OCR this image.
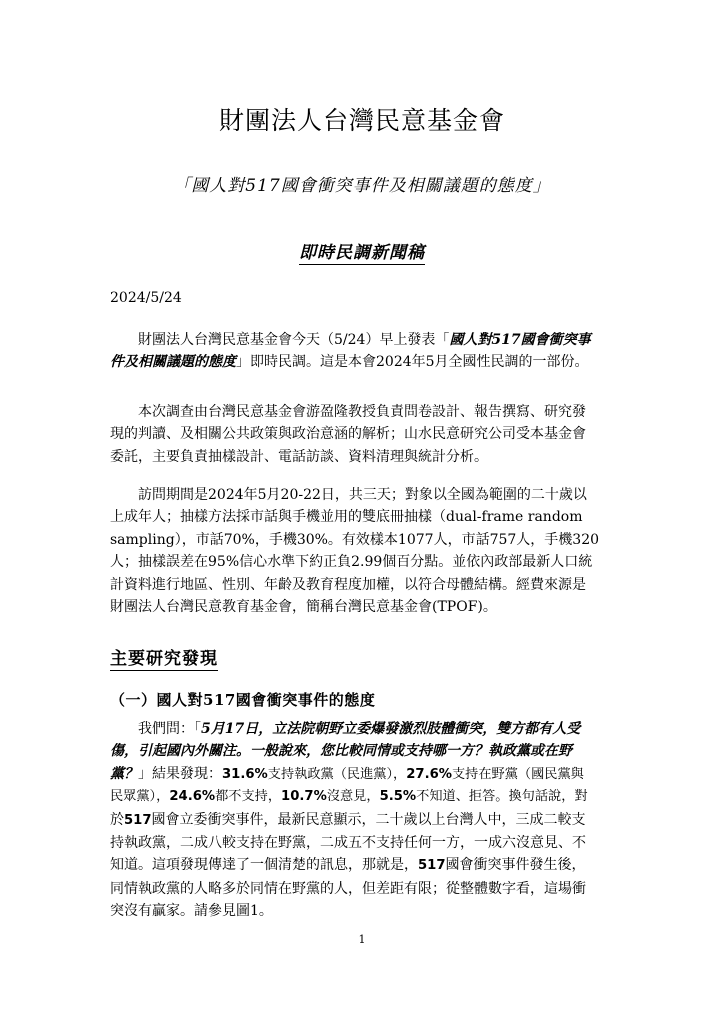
財團法人台灣民意基金會
「國人對517國會衝突事件及相關議題的態度」
即時民調新聞稿
2024/5/24
財團法人台灣民意基金會今天（5/24）早上發表「國人對517國會衝突事
件及相關議題的態度」即時民調。這是本會2024年5月全國性民調的一部份。
本次調查由台灣民意基金會游盈隆教授負責問卷設計、報告撰寫、研究發
現的判讀、及相關公共政策與政治意涵的解析；山水民意研究公司受本基金會
委託，主要負責抽樣設計、電話訪談、資料清理與統計分析。
訪問期間是2024年5月20-22日，共三天；對象以全國為範圍的二十歲以
上成年人；抽樣方法採市話與手機並用的雙底冊抽樣（dual-frame random
sampling），市話70%，手機30%。有效樣本1077人，市話757人，手機320
人；抽樣誤差在95%信心水準下約正負2.99個百分點。並依內政部最新人口統
計資料進行地區、性別、年齡及教育程度加權，以符合母體結構。經費來源是
財團法人台灣民意教育基金會，簡稱台灣民意基金會(TPOF)。
主要研究發現
（一）國人對517國會衝突事件的態度
我們問：「5月17日，立法院朝野立委爆發激烈肢體衝突，雙方都有人受
傷，引起國內外關注。一般說來，您比較同情或支持哪一方？執政黨或在野
黨？」結果發現：31.6%支持執政黨（民進黨），27.6%支持在野黨（國民黨與
民眾黨），24.6%都不支持，10.7%沒意見，5.5%不知道、拒答。換句話說，對
於517國會立委衝突事件，最新民意顯示，二十歲以上台灣人中，三成二較支
持執政黨，二成八較支持在野黨，二成五不支持任何一方，一成六沒意見、不
知道。這項發現傳達了一個清楚的訊息，那就是，517國會衝突事件發生後，
同情執政黨的人略多於同情在野黨的人，但差距有限；從整體數字看，這場衝
突沒有贏家。請參見圖1。
1
